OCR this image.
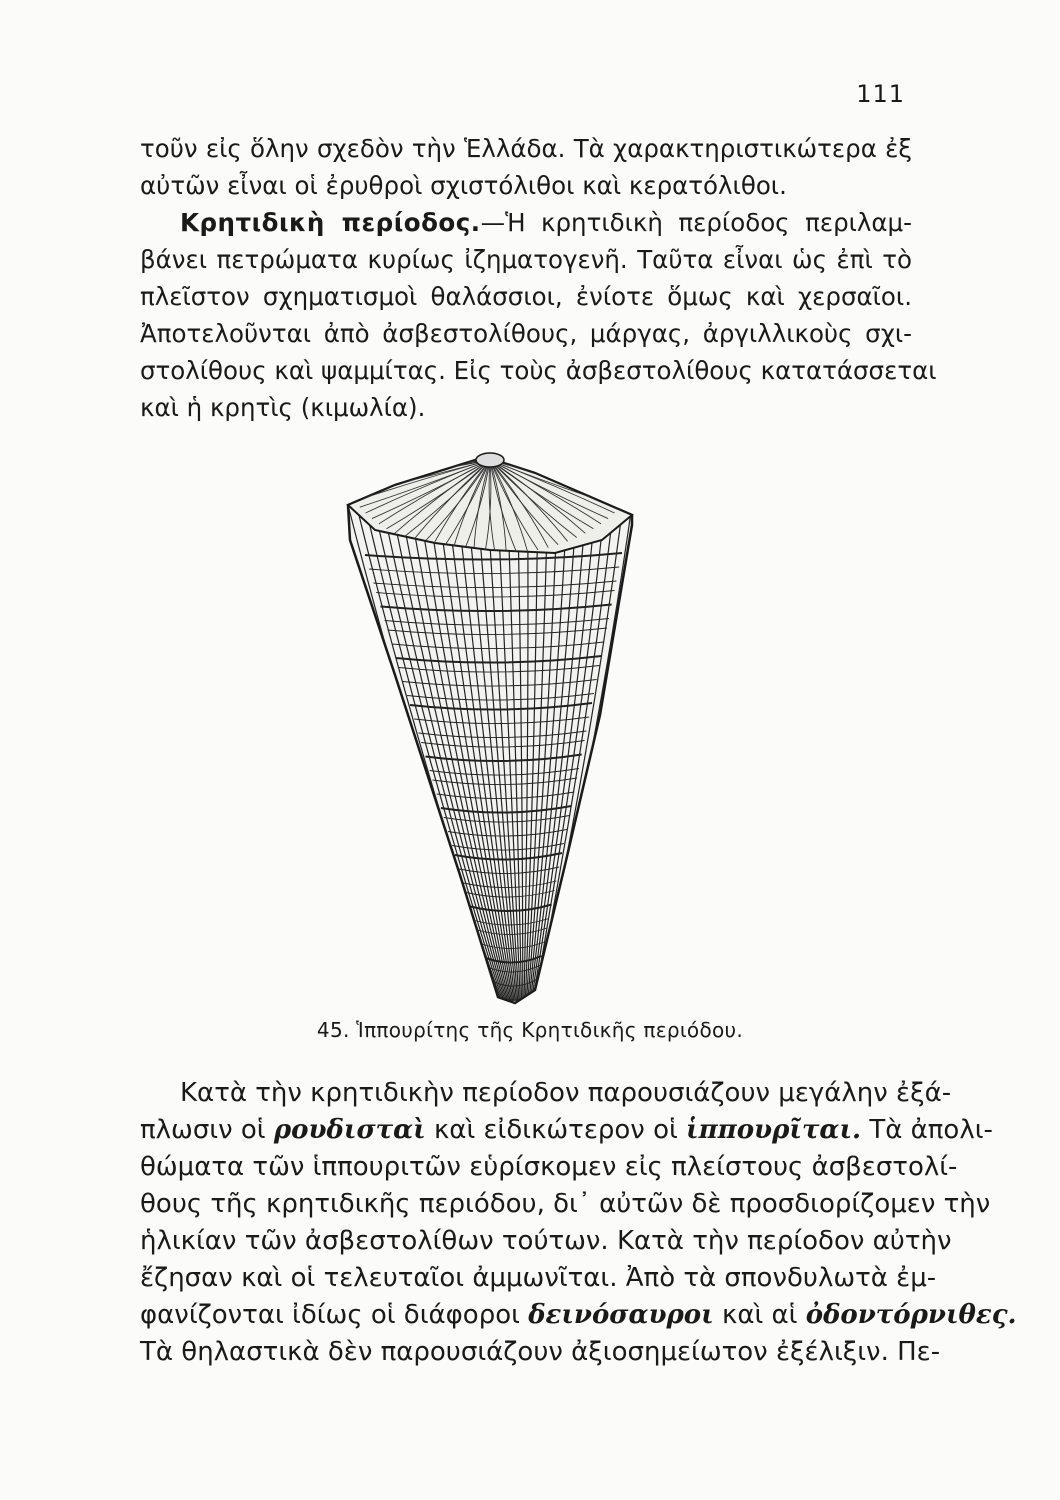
111

τοῦν εἰς ὅλην σχεδὸν τὴν Ἑλλάδα. Τὰ χαρακτηριστικώτερα ἐξ
αὐτῶν εἶναι οἱ ἐρυθροὶ σχιστόλιθοι καὶ κερατόλιθοι.

Κρητιδικὴ περίοδος.—Ἡ κρητιδικὴ περίοδος περιλαμ-
βάνει πετρώματα κυρίως ἰζηματογενῆ. Ταῦτα εἶναι ὡς ἐπὶ τὸ
πλεῖστον σχηματισμοὶ θαλάσσιοι, ἐνίοτε ὅμως καὶ χερσαῖοι.
Ἀποτελοῦνται ἀπὸ ἀσβεστολίθους, μάργας, ἀργιλλικοὺς σχι-
στολίθους καὶ ψαμμίτας. Εἰς τοὺς ἀσβεστολίθους κατατάσσεται
καὶ ἡ κρητὶς (κιμωλία).

45. Ἱππουρίτης τῆς Κρητιδικῆς περιόδου.

Κατὰ τὴν κρητιδικὴν περίοδον παρουσιάζουν μεγάλην ἐξά-
πλωσιν οἱ ρουδισταὶ καὶ εἰδικώτερον οἱ ἱππουρῖται. Τὰ ἀπολι-
θώματα τῶν ἱππουριτῶν εὑρίσκομεν εἰς πλείστους ἀσβεστολί-
θους τῆς κρητιδικῆς περιόδου, δι᾽ αὐτῶν δὲ προσδιορίζομεν τὴν
ἡλικίαν τῶν ἀσβεστολίθων τούτων. Κατὰ τὴν περίοδον αὐτὴν
ἔζησαν καὶ οἱ τελευταῖοι ἀμμωνῖται. Ἀπὸ τὰ σπονδυλωτὰ ἐμ-
φανίζονται ἰδίως οἱ διάφοροι δεινόσαυροι καὶ αἱ ὀδοντόρνιθες.
Τὰ θηλαστικὰ δὲν παρουσιάζουν ἀξιοσημείωτον ἐξέλιξιν. Πε-
